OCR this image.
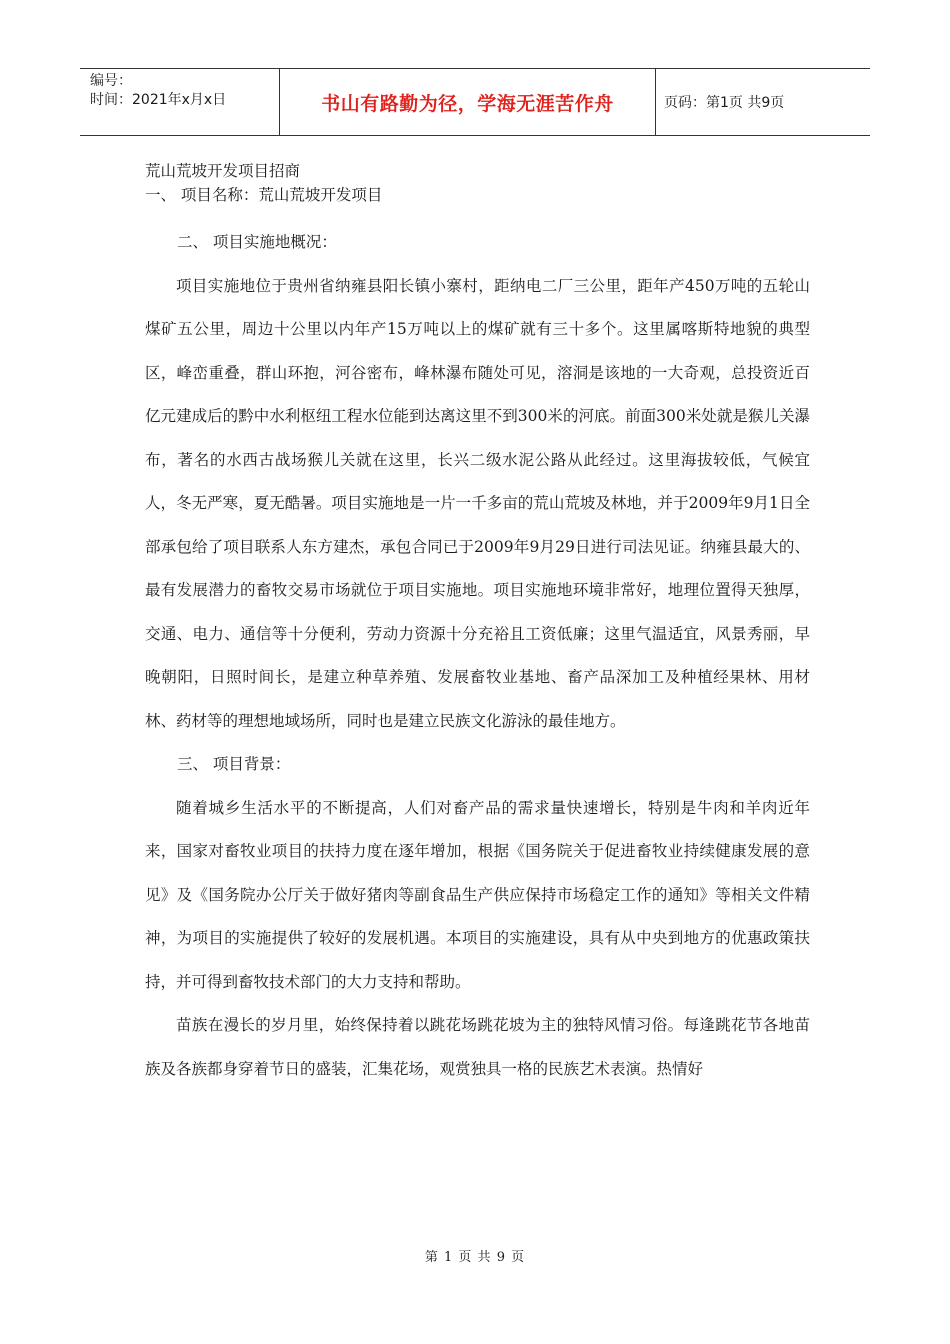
编号：
时间：2021年x月x日	书山有路勤为径，学海无涯苦作舟	页码：第1页 共9页
荒山荒坡开发项目招商
一、 项目名称：荒山荒坡开发项目
二、 项目实施地概况：

项目实施地位于贵州省纳雍县阳长镇小寨村，距纳电二厂三公里，距年产450万吨的五轮山煤矿五公里，周边十公里以内年产15万吨以上的煤矿就有三十多个。这里属喀斯特地貌的典型区，峰峦重叠，群山环抱，河谷密布，峰林瀑布随处可见，溶洞是该地的一大奇观，总投资近百亿元建成后的黔中水利枢纽工程水位能到达离这里不到300米的河底。前面300米处就是猴儿关瀑布，著名的水西古战场猴儿关就在这里，长兴二级水泥公路从此经过。这里海拔较低，气候宜人，冬无严寒，夏无酷暑。项目实施地是一片一千多亩的荒山荒坡及林地，并于2009年9月1日全部承包给了项目联系人东方建杰，承包合同已于2009年9月29日进行司法见证。纳雍县最大的、最有发展潜力的畜牧交易市场就位于项目实施地。项目实施地环境非常好，地理位置得天独厚，交通、电力、通信等十分便利，劳动力资源十分充裕且工资低廉；这里气温适宜，风景秀丽，早晚朝阳，日照时间长，是建立种草养殖、发展畜牧业基地、畜产品深加工及种植经果林、用材林、药材等的理想地域场所，同时也是建立民族文化游泳的最佳地方。

三、 项目背景：

随着城乡生活水平的不断提高，人们对畜产品的需求量快速增长，特别是牛肉和羊肉近年来，国家对畜牧业项目的扶持力度在逐年增加，根据《国务院关于促进畜牧业持续健康发展的意见》及《国务院办公厅关于做好猪肉等副食品生产供应保持市场稳定工作的通知》等相关文件精神，为项目的实施提供了较好的发展机遇。本项目的实施建设，具有从中央到地方的优惠政策扶持，并可得到畜牧技术部门的大力支持和帮助。

苗族在漫长的岁月里，始终保持着以跳花场跳花坡为主的独特风情习俗。每逢跳花节各地苗族及各族都身穿着节日的盛装，汇集花场，观赏独具一格的民族艺术表演。热情好

第 1 页 共 9 页
